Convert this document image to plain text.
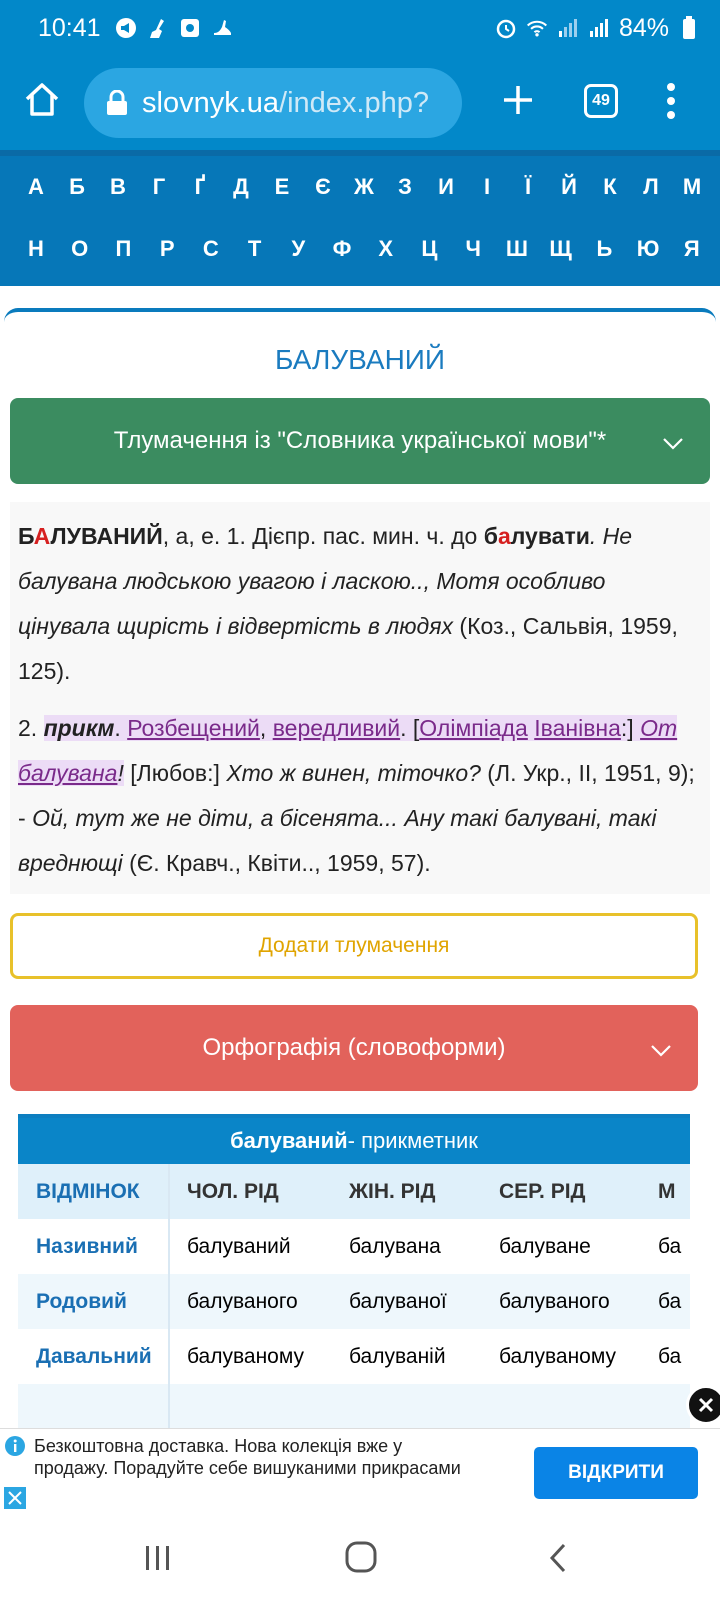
10:41	84%
slovnyk.ua /index.php?	49
А	Б	В	Г	Ґ	Д	Е	Є	Ж	З	И	І	Ї	Й	К	Л	М
Н	О	П	Р	С	Т	У	Ф	Х	Ц	Ч	Ш Щ	Ь	Ю	Я
БАЛУВАНИЙ
Тлумачення із "Словника української мови"*

БАЛУВАНИЙ, а, е. 1. Дієпр. пас. мин. ч. до балувати. Не балувана людською увагою і ласкою.., Мотя особливо цінувала щирість і відвертість в людях (Коз., Сальвія, 1959, 125).

2. прикм. Розбещений, вередливий. [Олімпіада Іванівна:] От балувана! [Любов:] Хто ж винен, тіточко? (Л. Укр., II, 1951, 9); - Ой, тут же не діти, а бісенята... Ану такі балувані, такі вреднющі (Є. Кравч., Квіти.., 1959, 57).

Додати тлумачення
Орфографія (словоформи)
балуваний - прикметник
ВІДМІНОК	ЧОЛ. РІД	ЖІН. РІД	СЕР. РІД	М
Називний	балуваний	балувана	балуване	ба
Родовий	балуваного	балуваної	балуваного	ба
Давальний	балуваному	балуваній	балуваному	ба
Безкоштовна доставка. Нова колекція вже у продажу. Порадуйте себе вишуканими прикрасами	ВІДКРИТИ
